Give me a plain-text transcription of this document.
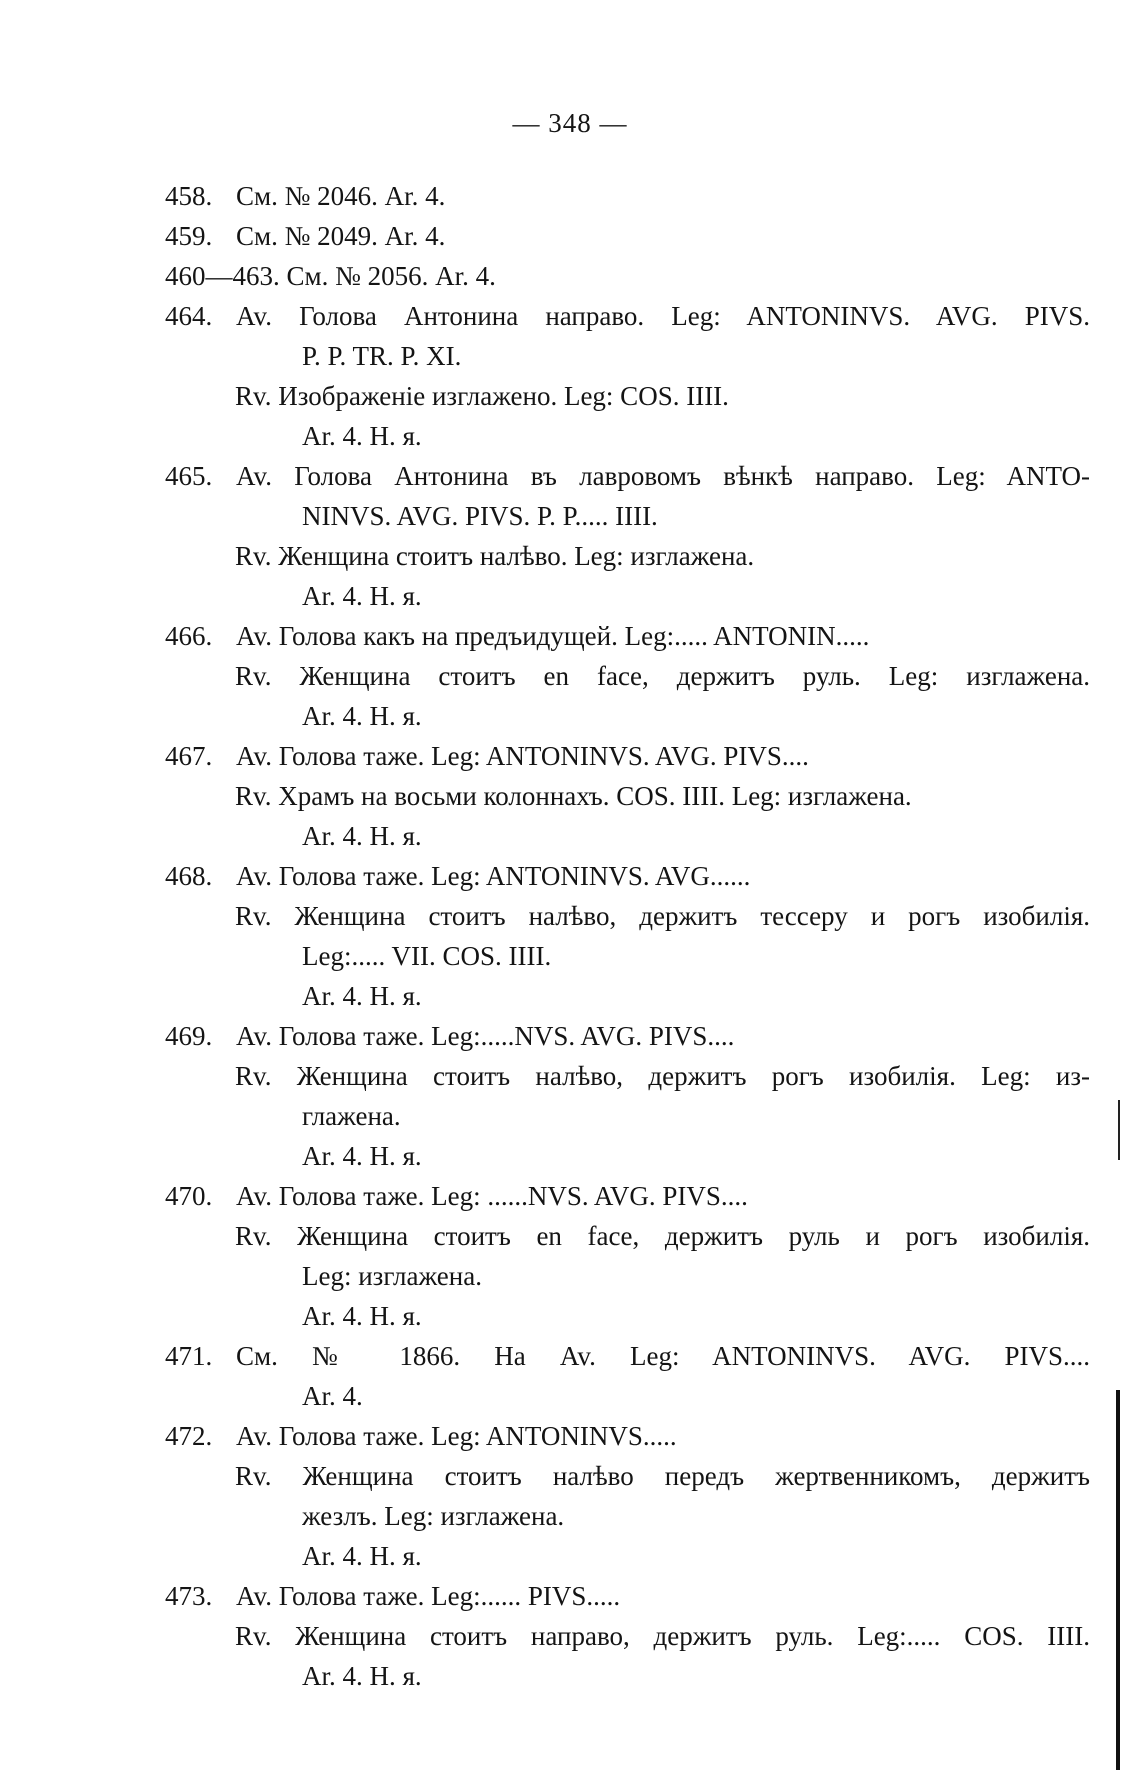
— 348 —
458. См. № 2046. Ar. 4.
459. См. № 2049. Ar. 4.
460—463. См. № 2056. Ar. 4.
464. Av. Голова Антонина направо. Leg: ANTONINVS. AVG. PIVS.
P. P. TR. P. XI.
Rv. Изображеніе изглажено. Leg: COS. IIII.
Ar. 4. H. я.
465. Av. Голова Антонина въ лавровомъ вѣнкѣ направо. Leg: ANTO-
NINVS. AVG. PIVS. P. P..... IIII.
Rv. Женщина стоитъ налѣво. Leg: изглажена.
Ar. 4. H. я.
466. Av. Голова какъ на предъидущей. Leg:..... ANTONIN.....
Rv. Женщина стоитъ en face, держитъ руль. Leg: изглажена.
Ar. 4. H. я.
467. Av. Голова таже. Leg: ANTONINVS. AVG. PIVS....
Rv. Храмъ на восьми колоннахъ. COS. IIII. Leg: изглажена.
Ar. 4. H. я.
468. Av. Голова таже. Leg: ANTONINVS. AVG......
Rv. Женщина стоитъ налѣво, держитъ тессеру и рогъ изобилія.
Leg:..... VII. COS. IIII.
Ar. 4. H. я.
469. Av. Голова таже. Leg:.....NVS. AVG. PIVS....
Rv. Женщина стоитъ налѣво, держитъ рогъ изобилія. Leg: из-
глажена.
Ar. 4. H. я.
470. Av. Голова таже. Leg: ......NVS. AVG. PIVS....
Rv. Женщина стоитъ en face, держитъ руль и рогъ изобилія.
Leg: изглажена.
Ar. 4. H. я.
471. См. № 1866. На Av. Leg: ANTONINVS. AVG. PIVS....
Ar. 4.
472. Av. Голова таже. Leg: ANTONINVS.....
Rv. Женщина стоитъ налѣво передъ жертвенникомъ, держитъ
жезлъ. Leg: изглажена.
Ar. 4. H. я.
473. Av. Голова таже. Leg:...... PIVS.....
Rv. Женщина стоитъ направо, держитъ руль. Leg:..... COS. IIII.
Ar. 4. H. я.
